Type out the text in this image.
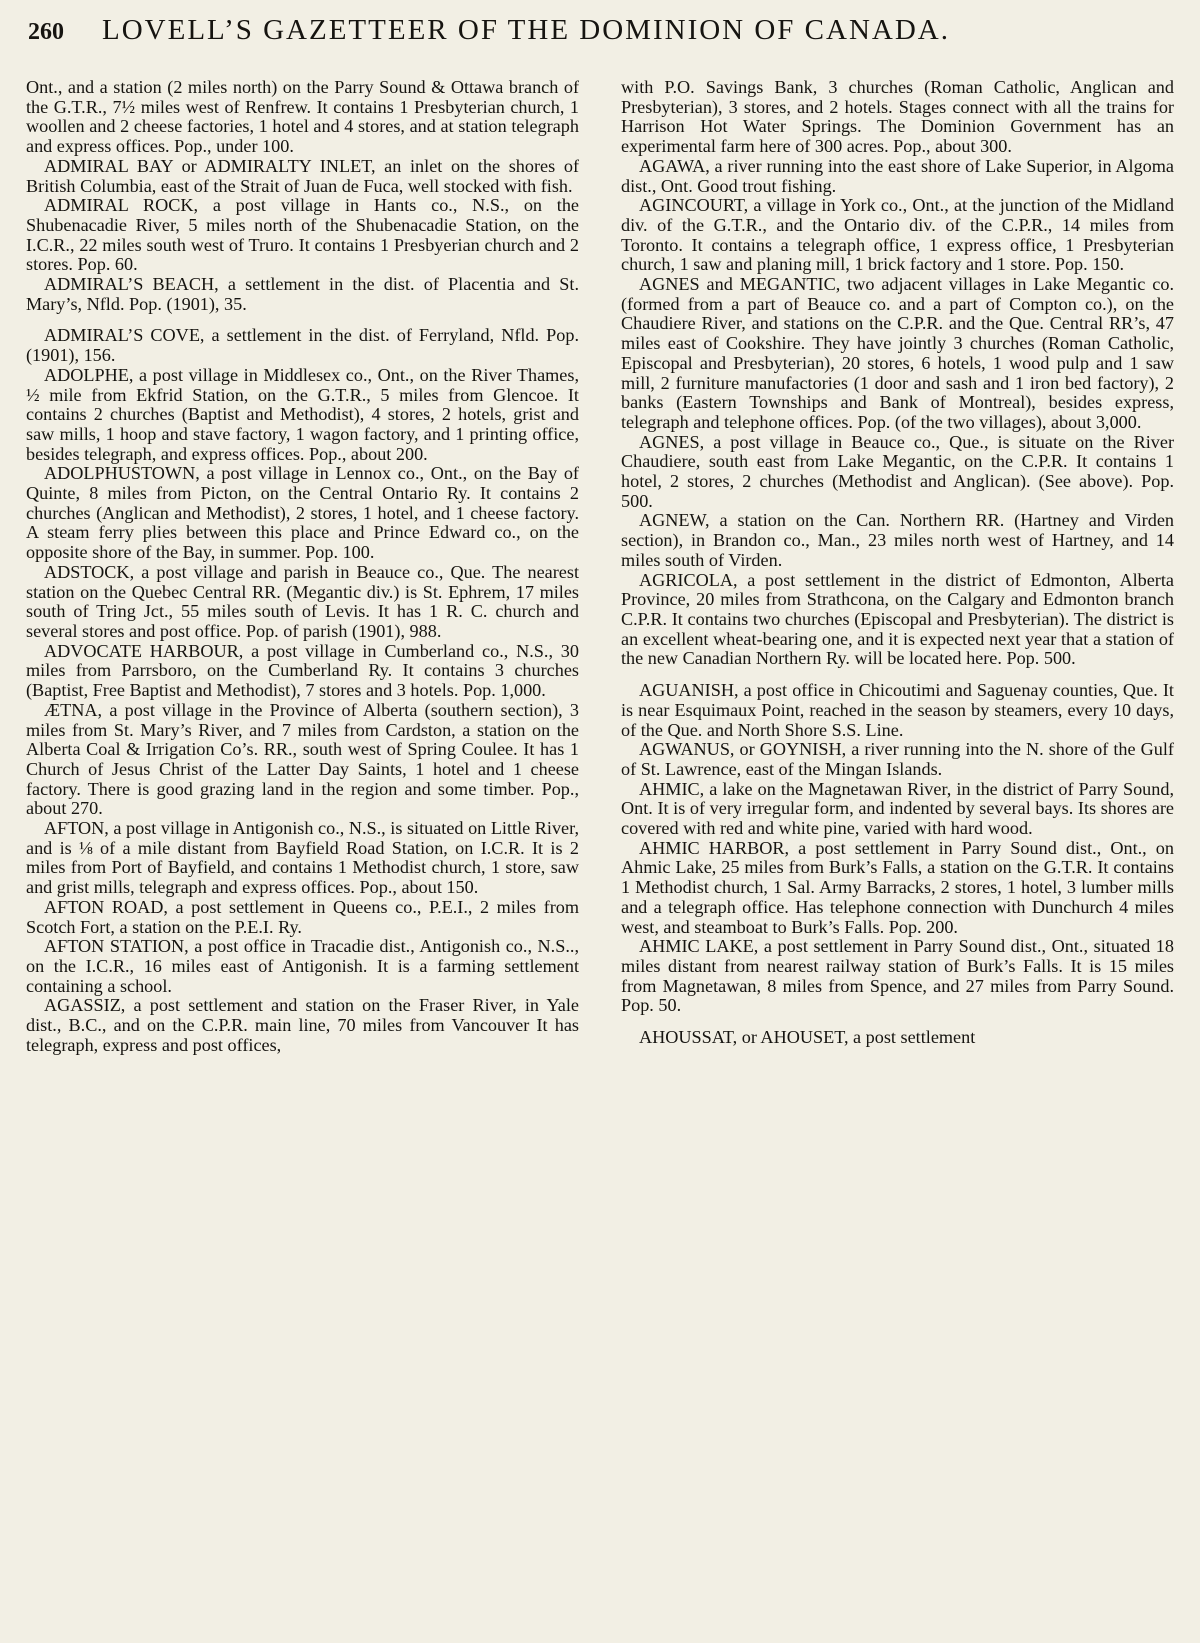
260 LOVELL’S GAZETTEER OF THE DOMINION OF CANADA.

Ont., and a station (2 miles north) on the Parry Sound & Ottawa branch of the G.T.R., 7½ miles west of Renfrew. It contains 1 Presbyterian church, 1 woollen and 2 cheese factories, 1 hotel and 4 stores, and at station telegraph and express offices. Pop., under 100.

ADMIRAL BAY or ADMIRALTY INLET, an inlet on the shores of British Columbia, east of the Strait of Juan de Fuca, well stocked with fish.

ADMIRAL ROCK, a post village in Hants co., N.S., on the Shubenacadie River, 5 miles north of the Shubenacadie Station, on the I.C.R., 22 miles south west of Truro. It contains 1 Presbyerian church and 2 stores. Pop. 60.

ADMIRAL’S BEACH, a settlement in the dist. of Placentia and St. Mary’s, Nfld. Pop. (1901), 35.

ADMIRAL’S COVE, a settlement in the dist. of Ferryland, Nfld. Pop. (1901), 156.

ADOLPHE, a post village in Middlesex co., Ont., on the River Thames, ½ mile from Ekfrid Station, on the G.T.R., 5 miles from Glencoe. It contains 2 churches (Baptist and Methodist), 4 stores, 2 hotels, grist and saw mills, 1 hoop and stave factory, 1 wagon factory, and 1 printing office, besides telegraph, and express offices. Pop., about 200.

ADOLPHUSTOWN, a post village in Lennox co., Ont., on the Bay of Quinte, 8 miles from Picton, on the Central Ontario Ry. It contains 2 churches (Anglican and Methodist), 2 stores, 1 hotel, and 1 cheese factory. A steam ferry plies between this place and Prince Edward co., on the opposite shore of the Bay, in summer. Pop. 100.

ADSTOCK, a post village and parish in Beauce co., Que. The nearest station on the Quebec Central RR. (Megantic div.) is St. Ephrem, 17 miles south of Tring Jct., 55 miles south of Levis. It has 1 R. C. church and several stores and post office. Pop. of parish (1901), 988.

ADVOCATE HARBOUR, a post village in Cumberland co., N.S., 30 miles from Parrsboro, on the Cumberland Ry. It contains 3 churches (Baptist, Free Baptist and Methodist), 7 stores and 3 hotels. Pop. 1,000.

ÆTNA, a post village in the Province of Alberta (southern section), 3 miles from St. Mary’s River, and 7 miles from Cardston, a station on the Alberta Coal & Irrigation Co’s. RR., south west of Spring Coulee. It has 1 Church of Jesus Christ of the Latter Day Saints, 1 hotel and 1 cheese factory. There is good grazing land in the region and some timber. Pop., about 270.

AFTON, a post village in Antigonish co., N.S., is situated on Little River, and is ⅛ of a mile distant from Bayfield Road Station, on I.C.R. It is 2 miles from Port of Bayfield, and contains 1 Methodist church, 1 store, saw and grist mills, telegraph and express offices. Pop., about 150.

AFTON ROAD, a post settlement in Queens co., P.E.I., 2 miles from Scotch Fort, a station on the P.E.I. Ry.

AFTON STATION, a post office in Tracadie dist., Antigonish co., N.S.., on the I.C.R., 16 miles east of Antigonish. It is a farming settlement containing a school.

AGASSIZ, a post settlement and station on the Fraser River, in Yale dist., B.C., and on the C.P.R. main line, 70 miles from Vancouver It has telegraph, express and post offices,

with P.O. Savings Bank, 3 churches (Roman Catholic, Anglican and Presbyterian), 3 stores, and 2 hotels. Stages connect with all the trains for Harrison Hot Water Springs. The Dominion Government has an experimental farm here of 300 acres. Pop., about 300.

AGAWA, a river running into the east shore of Lake Superior, in Algoma dist., Ont. Good trout fishing.

AGINCOURT, a village in York co., Ont., at the junction of the Midland div. of the G.T.R., and the Ontario div. of the C.P.R., 14 miles from Toronto. It contains a telegraph office, 1 express office, 1 Presbyterian church, 1 saw and planing mill, 1 brick factory and 1 store. Pop. 150.

AGNES and MEGANTIC, two adjacent villages in Lake Megantic co. (formed from a part of Beauce co. and a part of Compton co.), on the Chaudiere River, and stations on the C.P.R. and the Que. Central RR’s, 47 miles east of Cookshire. They have jointly 3 churches (Roman Catholic, Episcopal and Presbyterian), 20 stores, 6 hotels, 1 wood pulp and 1 saw mill, 2 furniture manufactories (1 door and sash and 1 iron bed factory), 2 banks (Eastern Townships and Bank of Montreal), besides express, telegraph and telephone offices. Pop. (of the two villages), about 3,000.

AGNES, a post village in Beauce co., Que., is situate on the River Chaudiere, south east from Lake Megantic, on the C.P.R. It contains 1 hotel, 2 stores, 2 churches (Methodist and Anglican). (See above). Pop. 500.

AGNEW, a station on the Can. Northern RR. (Hartney and Virden section), in Brandon co., Man., 23 miles north west of Hartney, and 14 miles south of Virden.

AGRICOLA, a post settlement in the district of Edmonton, Alberta Province, 20 miles from Strathcona, on the Calgary and Edmonton branch C.P.R. It contains two churches (Episcopal and Presbyterian). The district is an excellent wheat-bearing one, and it is expected next year that a station of the new Canadian Northern Ry. will be located here. Pop. 500.

AGUANISH, a post office in Chicoutimi and Saguenay counties, Que. It is near Esquimaux Point, reached in the season by steamers, every 10 days, of the Que. and North Shore S.S. Line.

AGWANUS, or GOYNISH, a river running into the N. shore of the Gulf of St. Lawrence, east of the Mingan Islands.

AHMIC, a lake on the Magnetawan River, in the district of Parry Sound, Ont. It is of very irregular form, and indented by several bays. Its shores are covered with red and white pine, varied with hard wood.

AHMIC HARBOR, a post settlement in Parry Sound dist., Ont., on Ahmic Lake, 25 miles from Burk’s Falls, a station on the G.T.R. It contains 1 Methodist church, 1 Sal. Army Barracks, 2 stores, 1 hotel, 3 lumber mills and a telegraph office. Has telephone connection with Dunchurch 4 miles west, and steamboat to Burk’s Falls. Pop. 200.

AHMIC LAKE, a post settlement in Parry Sound dist., Ont., situated 18 miles distant from nearest railway station of Burk’s Falls. It is 15 miles from Magnetawan, 8 miles from Spence, and 27 miles from Parry Sound. Pop. 50.

AHOUSSAT, or AHOUSET, a post settlement
